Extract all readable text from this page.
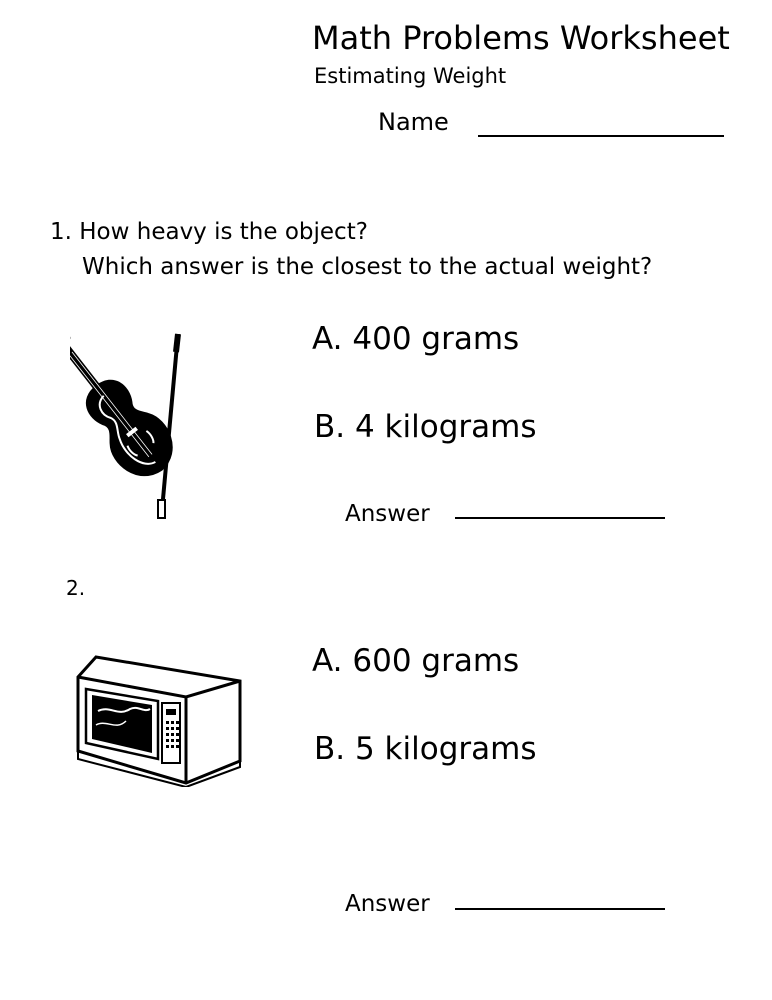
Math Problems Worksheet
Estimating Weight
Name
1. How heavy is the object?
Which answer is the closest to the actual weight?
A. 400 grams
B. 4 kilograms
Answer
2.
A. 600 grams
B. 5 kilograms
Answer
